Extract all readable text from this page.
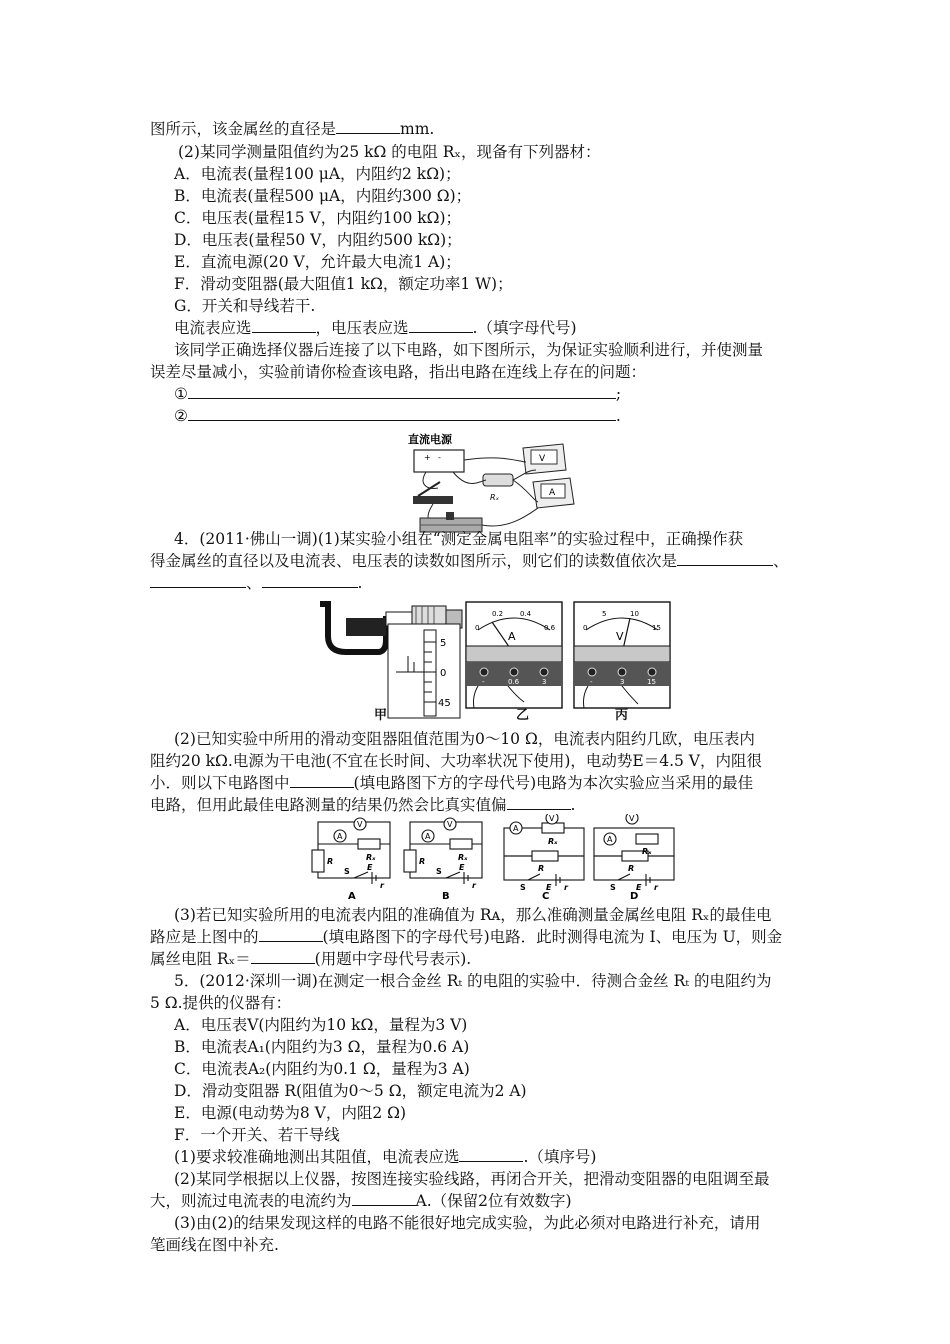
图所示，该金属丝的直径是	mm.
(2)某同学测量阻值约为25 kΩ 的电阻 Rₓ，现备有下列器材：
A．电流表(量程100 μA，内阻约2 kΩ)；
B．电流表(量程500 μA，内阻约300 Ω)；
C．电压表(量程15 V，内阻约100 kΩ)；
D．电压表(量程50 V，内阻约500 kΩ)；
E．直流电源(20 V，允许最大电流1 A)；
F．滑动变阻器(最大阻值1 kΩ，额定功率1 W)；
G．开关和导线若干.
电流表应选	，电压表应选	.（填字母代号)
该同学正确选择仪器后连接了以下电路，如下图所示，为保证实验顺利进行，并使测量
误差尽量减小，实验前请你检查该电路，指出电路在连线上存在的问题：
①	;
②	.
直流电源
+ -	V
A
Rₓ
4．(2011·佛山一调)(1)某实验小组在“测定金属电阻率”的实验过程中，正确操作获
得金属丝的直径以及电流表、电压表的读数如图所示，则它们的读数值依次是	、
、	.
5
0
45
0
0.2 0.4
0.6
A
-	0.6	3
0
5	10
15
V
-	3	15
甲	乙	丙
(2)已知实验中所用的滑动变阻器阻值范围为0～10 Ω，电流表内阻约几欧，电压表内
阻约20 kΩ.电源为干电池(不宜在长时间、大功率状况下使用)，电动势E＝4.5 V，内阻很
小．则以下电路图中	(填电路图下方的字母代号)电路为本次实验应当采用的最佳
电路，但用此最佳电路测量的结果仍然会比真实值偏	.
A
V
R	Rₓ
S E
r
A
V
R	Rₓ
S E
r
A
V
R
Rₓ
S	E r
A
V
R
Rₓ
S	E r
A	B	C	D
(3)若已知实验所用的电流表内阻的准确值为 Rᴀ，那么准确测量金属丝电阻 Rₓ的最佳电
路应是上图中的	(填电路图下的字母代号)电路．此时测得电流为 I、电压为 U，则金
属丝电阻 Rₓ＝	(用题中字母代号表示).
5．(2012·深圳一调)在测定一根合金丝 Rₜ 的电阻的实验中．待测合金丝 Rₜ 的电阻约为
5 Ω.提供的仪器有：
A．电压表V(内阻约为10 kΩ，量程为3 V)
B．电流表A₁(内阻约为3 Ω，量程为0.6 A)
C．电流表A₂(内阻约为0.1 Ω，量程为3 A)
D．滑动变阻器 R(阻值为0～5 Ω，额定电流为2 A)
E．电源(电动势为8 V，内阻2 Ω)
F．一个开关、若干导线
(1)要求较准确地测出其阻值，电流表应选	.（填序号)
(2)某同学根据以上仪器，按图连接实验线路，再闭合开关，把滑动变阻器的电阻调至最
大，则流过电流表的电流约为	A.（保留2位有效数字)
(3)由(2)的结果发现这样的电路不能很好地完成实验，为此必须对电路进行补充，请用
笔画线在图中补充.
